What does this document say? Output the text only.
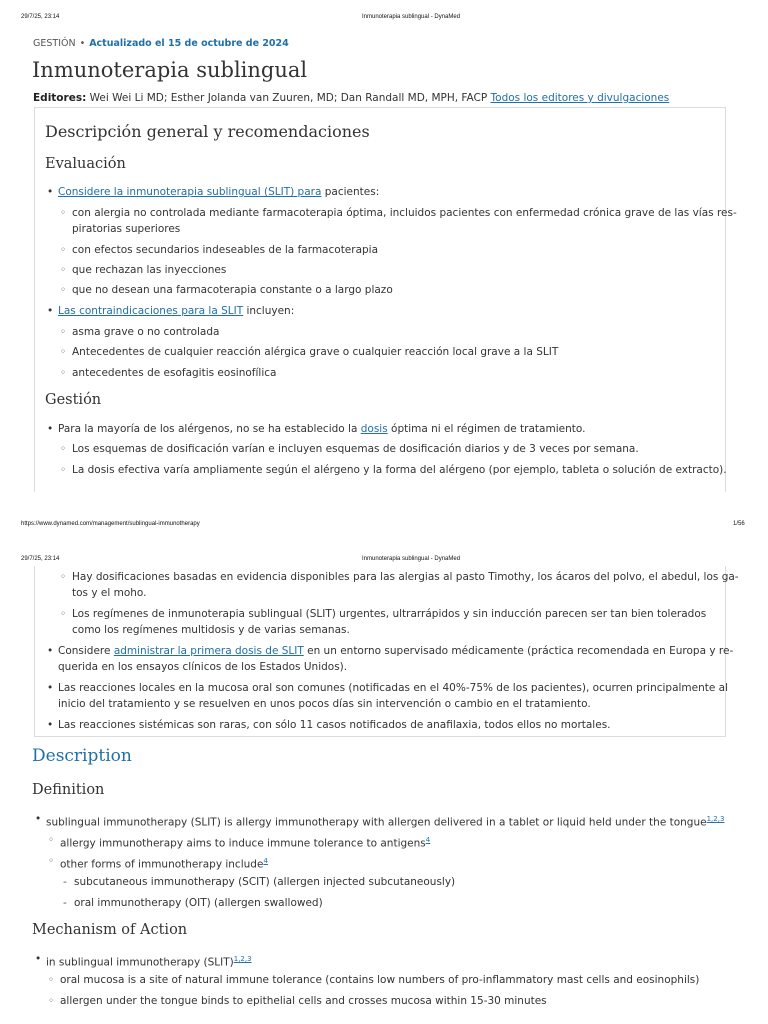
29/7/25, 23:14	Inmunoterapia sublingual - DynaMed
GESTIÓN • Actualizado el 15 de octubre de 2024
Inmunoterapia sublingual
Editores: Wei Wei Li MD; Esther Jolanda van Zuuren, MD; Dan Randall MD, MPH, FACP Todos los editores y divulgaciones
Descripción general y recomendaciones
Evaluación
• Considere la inmunoterapia sublingual (SLIT) para pacientes:
◦ con alergia no controlada mediante farmacoterapia óptima, incluidos pacientes con enfermedad crónica grave de las vías res-
piratorias superiores
◦ con efectos secundarios indeseables de la farmacoterapia
◦ que rechazan las inyecciones
◦ que no desean una farmacoterapia constante o a largo plazo
• Las contraindicaciones para la SLIT incluyen:
◦ asma grave o no controlada
◦ Antecedentes de cualquier reacción alérgica grave o cualquier reacción local grave a la SLIT
◦ antecedentes de esofagitis eosinofílica
Gestión
• Para la mayoría de los alérgenos, no se ha establecido la dosis óptima ni el régimen de tratamiento.
◦ Los esquemas de dosificación varían e incluyen esquemas de dosificación diarios y de 3 veces por semana.
◦ La dosis efectiva varía ampliamente según el alérgeno y la forma del alérgeno (por ejemplo, tableta o solución de extracto).
https://www.dynamed.com/management/sublingual-immunotherapy	1/56
29/7/25, 23:14	Inmunoterapia sublingual - DynaMed
◦ Hay dosificaciones basadas en evidencia disponibles para las alergias al pasto Timothy, los ácaros del polvo, el abedul, los ga-
tos y el moho.
◦ Los regímenes de inmunoterapia sublingual (SLIT) urgentes, ultrarrápidos y sin inducción parecen ser tan bien tolerados
como los regímenes multidosis y de varias semanas.
• Considere administrar la primera dosis de SLIT en un entorno supervisado médicamente (práctica recomendada en Europa y re-
querida en los ensayos clínicos de los Estados Unidos).
• Las reacciones locales en la mucosa oral son comunes (notificadas en el 40%-75% de los pacientes), ocurren principalmente al
inicio del tratamiento y se resuelven en unos pocos días sin intervención o cambio en el tratamiento.
• Las reacciones sistémicas son raras, con sólo 11 casos notificados de anafilaxia, todos ellos no mortales.
Description
Definition
• sublingual immunotherapy (SLIT) is allergy immunotherapy with allergen delivered in a tablet or liquid held under the tongue$^{1,2,3}$
◦ allergy immunotherapy aims to induce immune tolerance to antigens$^4$
◦ other forms of immunotherapy include$^4$
- subcutaneous immunotherapy (SCIT) (allergen injected subcutaneously)
- oral immunotherapy (OIT) (allergen swallowed)
Mechanism of Action
• in sublingual immunotherapy (SLIT)$^{1,2,3}$
◦ oral mucosa is a site of natural immune tolerance (contains low numbers of pro-inflammatory mast cells and eosinophils)
◦ allergen under the tongue binds to epithelial cells and crosses mucosa within 15-30 minutes
